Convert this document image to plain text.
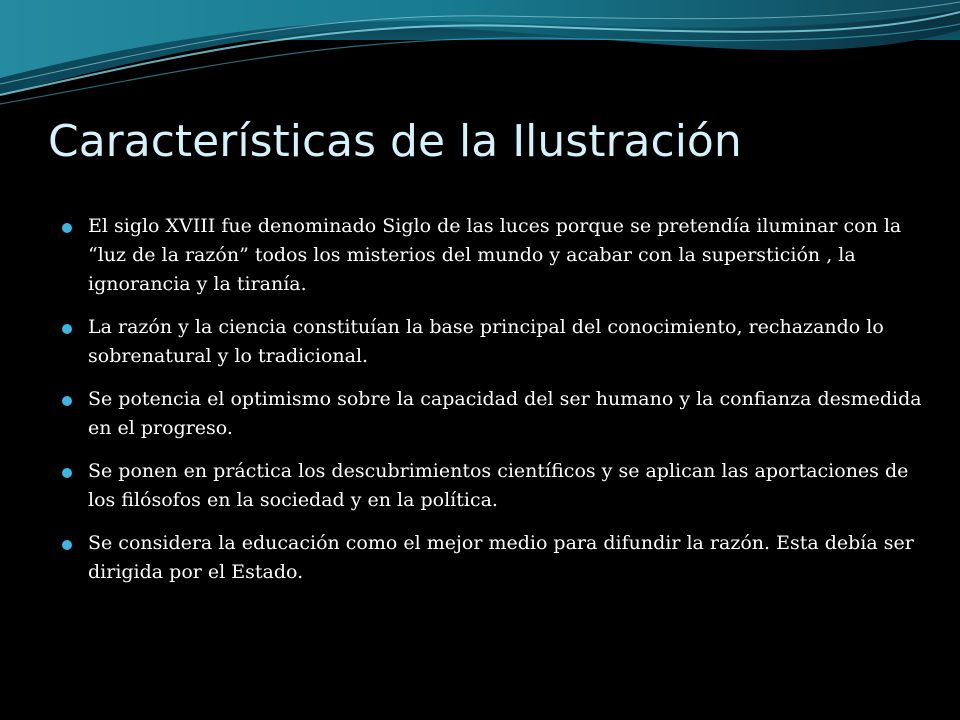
Características de la Ilustración
El siglo XVIII fue denominado Siglo de las luces porque se pretendía iluminar con la “luz de la razón” todos los misterios del mundo y acabar con la superstición , la ignorancia y la tiranía.
La razón y la ciencia constituían la base principal del conocimiento, rechazando lo sobrenatural y lo tradicional.
Se potencia el optimismo sobre la capacidad del ser humano y la confianza desmedida en el progreso.
Se ponen en práctica los descubrimientos científicos y se aplican las aportaciones de los filósofos en la sociedad y en la política.
Se considera la educación como el mejor medio para difundir la razón. Esta debía ser dirigida por el Estado.
